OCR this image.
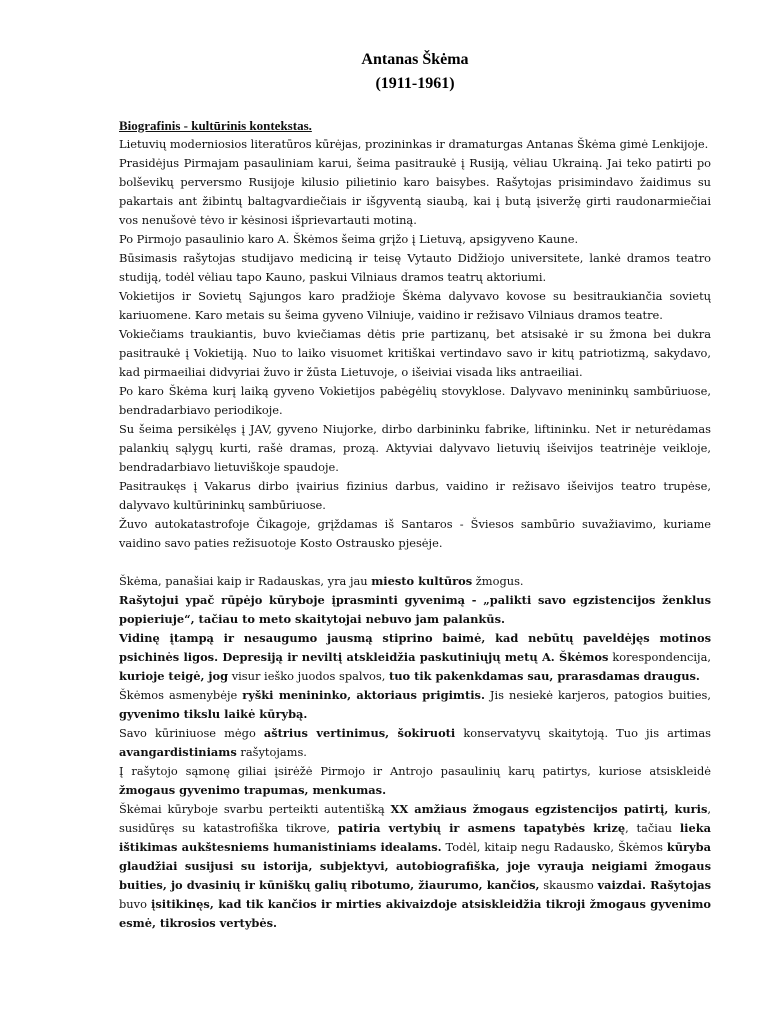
Antanas Škėma
(1911-1961)
Biografinis - kultūrinis kontekstas.

Lietuvių moderniosios literatūros kūrėjas, prozininkas ir dramaturgas Antanas Škėma gimė Lenkijoje.

Prasidėjus Pirmajam pasauliniam karui, šeima pasitraukė į Rusiją, vėliau Ukrainą. Jai teko patirti po bolševikų perversmo Rusijoje kilusio pilietinio karo baisybes. Rašytojas prisimindavo žaidimus su pakartais ant žibintų baltagvardiečiais ir išgyventą siaubą, kai į butą įsiveržę girti raudonarmiečiai vos nenušovė tėvo ir kėsinosi išprievartauti motiną.

Po Pirmojo pasaulinio karo A. Škėmos šeima grįžo į Lietuvą, apsigyveno Kaune.

Būsimasis rašytojas studijavo mediciną ir teisę Vytauto Didžiojo universitete, lankė dramos teatro studiją, todėl vėliau tapo Kauno, paskui Vilniaus dramos teatrų aktoriumi.

Vokietijos ir Sovietų Sąjungos karo pradžioje Škėma dalyvavo kovose su besitraukiančia sovietų kariuomene. Karo metais su šeima gyveno Vilniuje, vaidino ir režisavo Vilniaus dramos teatre.

Vokiečiams traukiantis, buvo kviečiamas dėtis prie partizanų, bet atsisakė ir su žmona bei dukra pasitraukė į Vokietiją. Nuo to laiko visuomet kritiškai vertindavo savo ir kitų patriotizmą, sakydavo, kad pirmaeiliai didvyriai žuvo ir žūsta Lietuvoje, o išeiviai visada liks antraeiliai.

Po karo Škėma kurį laiką gyveno Vokietijos pabėgėlių stovyklose. Dalyvavo menininkų sambūriuose, bendradarbiavo periodikoje.

Su šeima persikėlęs į JAV, gyveno Niujorke, dirbo darbininku fabrike, liftininku. Net ir neturėdamas palankių sąlygų kurti, rašė dramas, prozą. Aktyviai dalyvavo lietuvių išeivijos teatrinėje veikloje, bendradarbiavo lietuviškoje spaudoje.

Pasitraukęs į Vakarus dirbo įvairius fizinius darbus, vaidino ir režisavo išeivijos teatro trupėse, dalyvavo kultūrininkų sambūriuose.

Žuvo autokatastrofoje Čikagoje, grįždamas iš Santaros - Šviesos sambūrio suvažiavimo, kuriame vaidino savo paties režisuotoje Kosto Ostrausko pjesėje.

Škėma, panašiai kaip ir Radauskas, yra jau miesto kultūros žmogus.

Rašytojui ypač rūpėjo kūryboje įprasminti gyvenimą - „palikti savo egzistencijos ženklus popieriuje“, tačiau to meto skaitytojai nebuvo jam palankūs.

Vidinę įtampą ir nesaugumo jausmą stiprino baimė, kad nebūtų paveldėjęs motinos psichinės ligos. Depresiją ir neviltį atskleidžia paskutiniųjų metų A. Škėmos korespondencija, kurioje teigė, jog visur ieško juodos spalvos, tuo tik pakenkdamas sau, prarasdamas draugus.

Škėmos asmenybėje ryški menininko, aktoriaus prigimtis. Jis nesiekė karjeros, patogios buities, gyvenimo tikslu laikė kūrybą.

Savo kūriniuose mėgo aštrius vertinimus, šokiruoti konservatyvų skaitytoją. Tuo jis artimas avangardistiniams rašytojams.

Į rašytojo sąmonę giliai įsirėžė Pirmojo ir Antrojo pasaulinių karų patirtys, kuriose atsiskleidė žmogaus gyvenimo trapumas, menkumas.

Škėmai kūryboje svarbu perteikti autentišką XX amžiaus žmogaus egzistencijos patirtį, kuris, susidūręs su katastrofiška tikrove, patiria vertybių ir asmens tapatybės krizę, tačiau lieka ištikimas aukštesniems humanistiniams idealams. Todėl, kitaip negu Radausko, Škėmos kūryba glaudžiai susijusi su istorija, subjektyvi, autobiografiška, joje vyrauja neigiami žmogaus buities, jo dvasinių ir kūniškų galių ribotumo, žiaurumo, kančios, skausmo vaizdai. Rašytojas buvo įsitikinęs, kad tik kančios ir mirties akivaizdoje atsiskleidžia tikroji žmogaus gyvenimo esmė, tikrosios vertybės.
